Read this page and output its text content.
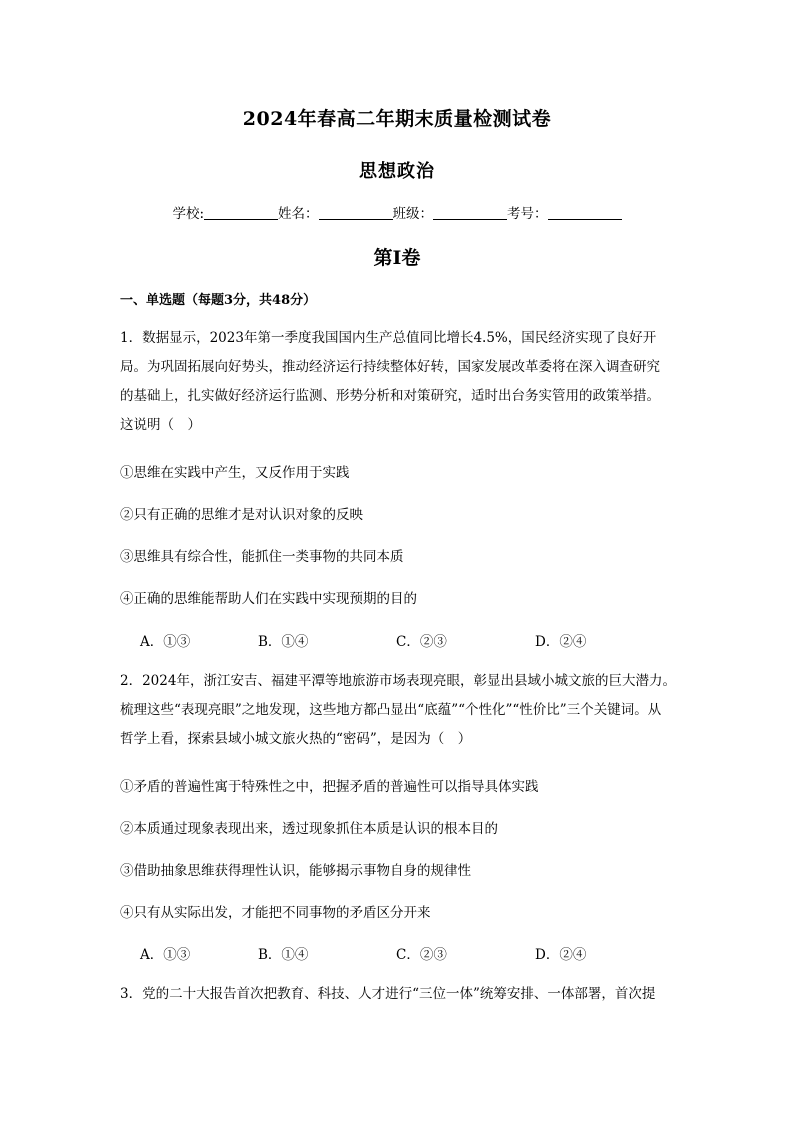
2024年春高二年期末质量检测试卷
思想政治
学校:	姓名：	班级：	考号：
第Ⅰ卷
一、单选题（每题3分，共48分）
1．数据显示，2023年第一季度我国国内生产总值同比增长4.5%，国民经济实现了良好开
局。为巩固拓展向好势头，推动经济运行持续整体好转，国家发展改革委将在深入调查研究
的基础上，扎实做好经济运行监测、形势分析和对策研究，适时出台务实管用的政策举措。
这说明（　）
①思维在实践中产生，又反作用于实践
②只有正确的思维才是对认识对象的反映
③思维具有综合性，能抓住一类事物的共同本质
④正确的思维能帮助人们在实践中实现预期的目的
A．①③	B．①④	C．②③	D．②④
2．2024年，浙江安吉、福建平潭等地旅游市场表现亮眼，彰显出县域小城文旅的巨大潜力。
梳理这些“表现亮眼”之地发现，这些地方都凸显出“底蕴”“个性化”“性价比”三个关键词。从
哲学上看，探索县域小城文旅火热的“密码”，是因为（　）
①矛盾的普遍性寓于特殊性之中，把握矛盾的普遍性可以指导具体实践
②本质通过现象表现出来，透过现象抓住本质是认识的根本目的
③借助抽象思维获得理性认识，能够揭示事物自身的规律性
④只有从实际出发，才能把不同事物的矛盾区分开来
A．①③	B．①④	C．②③	D．②④
3．党的二十大报告首次把教育、科技、人才进行“三位一体”统筹安排、一体部署，首次提
